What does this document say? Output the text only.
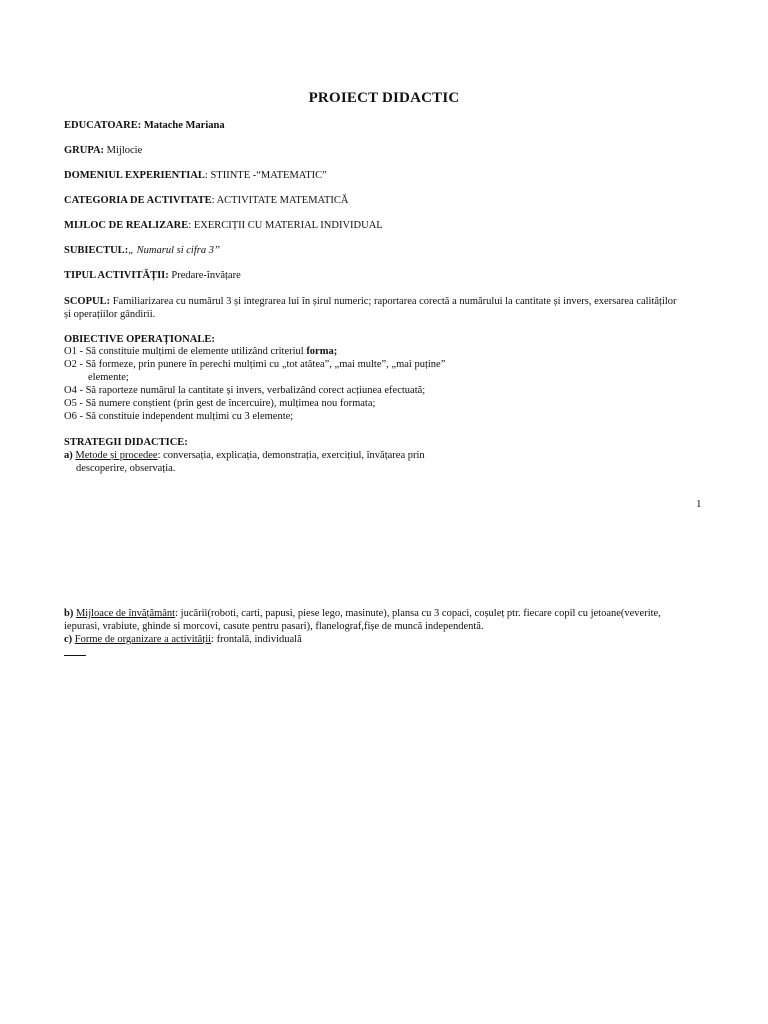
PROIECT DIDACTIC
EDUCATOARE: Matache Mariana
GRUPA: Mijlocie
DOMENIUL EXPERIENTIAL: STIINTE -“MATEMATIC”
CATEGORIA DE ACTIVITATE: ACTIVITATE MATEMATICĂ
MIJLOC DE REALIZARE: EXERCIȚII CU MATERIAL INDIVIDUAL
SUBIECTUL:„ Numarul si cifra 3’’
TIPUL ACTIVITĂȚII: Predare-învățare
SCOPUL: Familiarizarea cu numărul 3 și integrarea lui în șirul numeric; raportarea corectă a numărului la cantitate și invers, exersarea calităților
și operațiilor gândirii.
OBIECTIVE OPERAȚIONALE:
O1 - Să constituie mulțimi de elemente utilizând criteriul forma;
O2 - Să formeze, prin punere în perechi mulțimi cu „tot atâtea”, „mai multe”, „mai puține”
elemente;
O4 - Să raporteze numărul la cantitate și invers, verbalizând corect acțiunea efectuată;
O5 - Să numere conștient (prin gest de încercuire), mulțimea nou formata;
O6 - Să constituie independent mulțimi cu 3 elemente;
STRATEGII DIDACTICE:
a) Metode și procedee: conversația, explicația, demonstrația, exercițiul, învățarea prin
descoperire, observația.
1
b) Mijloace de învățământ: jucării(roboti, carti, papusi, piese lego, masinute), plansa cu 3 copaci, coșuleț ptr. fiecare copil cu jetoane(veverite,
iepurasi, vrabiute, ghinde si morcovi, casute pentru pasari), flanelograf,fișe de muncă independentă.
c) Forme de organizare a activității: frontală, individuală
